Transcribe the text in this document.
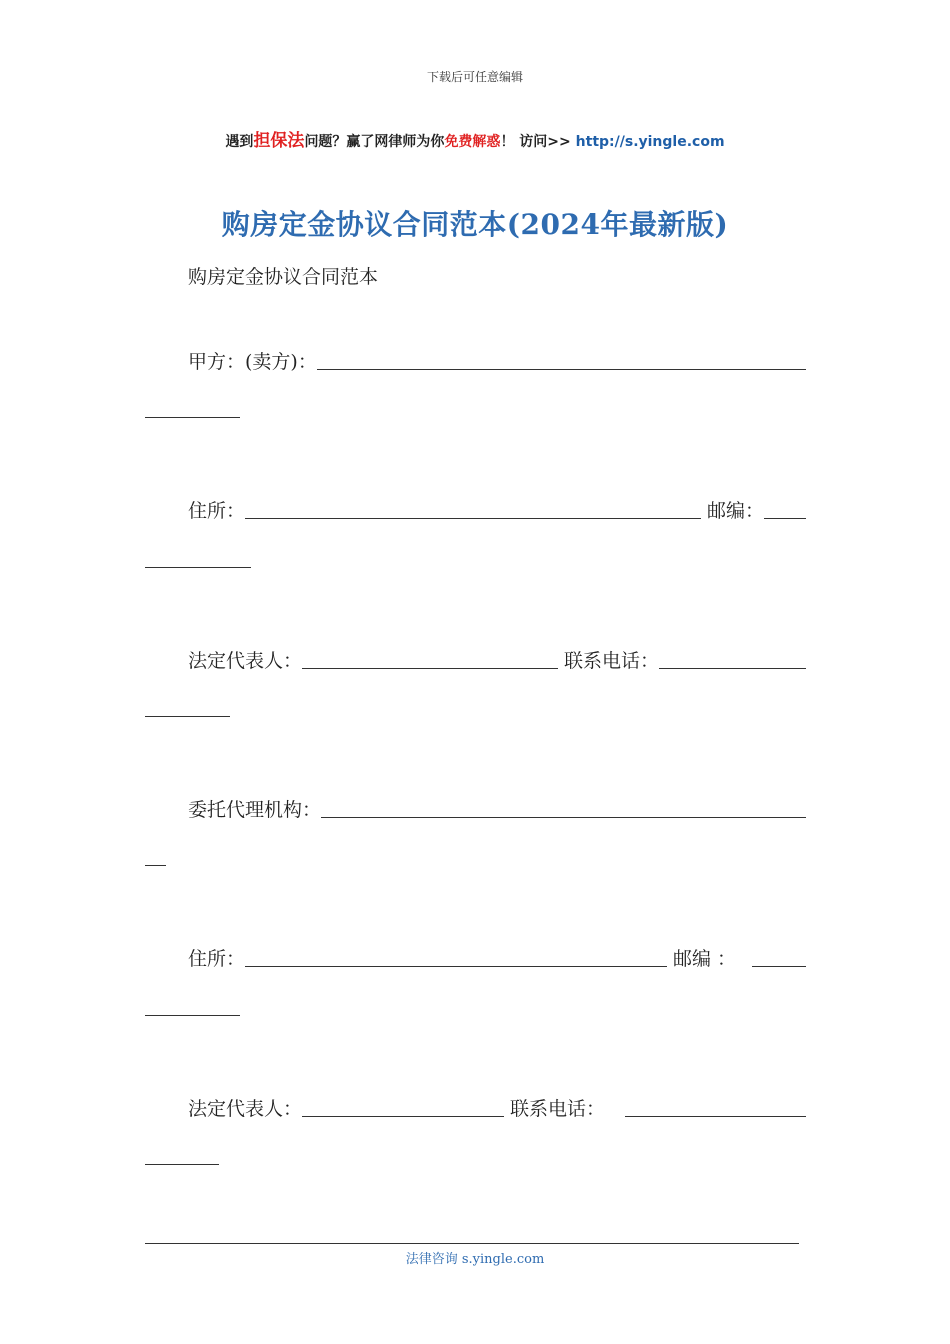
下载后可任意编辑
遇到担保法问题？赢了网律师为你免费解惑！ 访问>> http://s.yingle.com
购房定金协议合同范本(2024年最新版)
购房定金协议合同范本
甲方：(卖方)：
住所：	邮编：
法定代表人：	联系电话：
委托代理机构：
住所：	邮编 ：
法定代表人：	联系电话：
法律咨询 s.yingle.com
